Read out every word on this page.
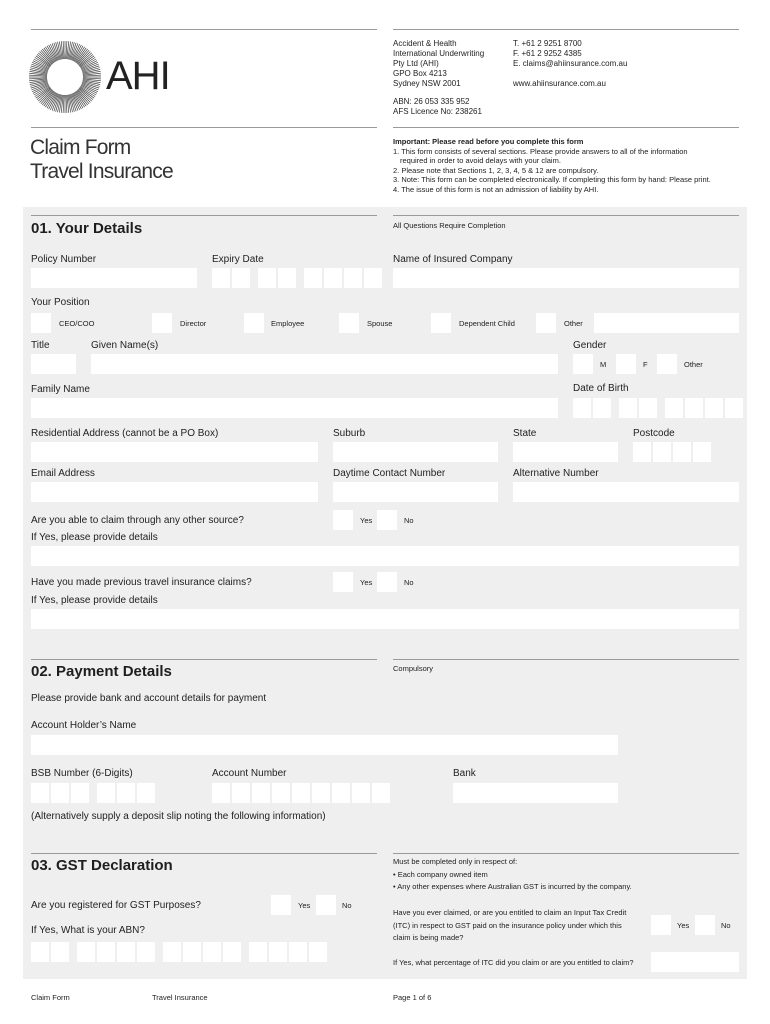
AHI
Accident & Health
International Underwriting
Pty Ltd (AHI)
GPO Box 4213
Sydney NSW 2001
T. +61 2 9251 8700
F. +61 2 9252 4385
E. claims@ahiinsurance.com.au
www.ahiinsurance.com.au
ABN: 26 053 335 952
AFS Licence No: 238261
Claim Form
Travel Insurance
Important: Please read before you complete this form
1. This form consists of several sections. Please provide answers to all of the information
required in order to avoid delays with your claim.
2. Please note that Sections 1, 2, 3, 4, 5 & 12 are compulsory.
3. Note: This form can be completed electronically. If completing this form by hand: Please print.
4. The issue of this form is not an admission of liability by AHI.
01. Your Details	All Questions Require Completion
Policy Number	Expiry Date	Name of Insured Company
Your Position
CEO/COO	Director	Employee	Spouse	Dependent Child	Other
Title	Given Name(s)	Gender
M	F	Other
Family Name	Date of Birth
Residential Address (cannot be a PO Box)	Suburb	State	Postcode
Email Address	Daytime Contact Number	Alternative Number
Are you able to claim through any other source?	Yes	No
If Yes, please provide details
Have you made previous travel insurance claims?	Yes	No
If Yes, please provide details
02. Payment Details	Compulsory
Please provide bank and account details for payment
Account Holder’s Name
BSB Number (6-Digits)	Account Number	Bank
(Alternatively supply a deposit slip noting the following information)
03. GST Declaration	Must be completed only in respect of:
• Each company owned item
• Any other expenses where Australian GST is incurred by the company.
Are you registered for GST Purposes?	Yes	No
Have you ever claimed, or are you entitled to claim an Input Tax Credit
(ITC) in respect to GST paid on the insurance policy under which this
claim is being made?
Yes	No
If Yes, What is your ABN?
If Yes, what percentage of ITC did you claim or are you entitled to claim?
Claim Form	Travel Insurance	Page 1 of 6
